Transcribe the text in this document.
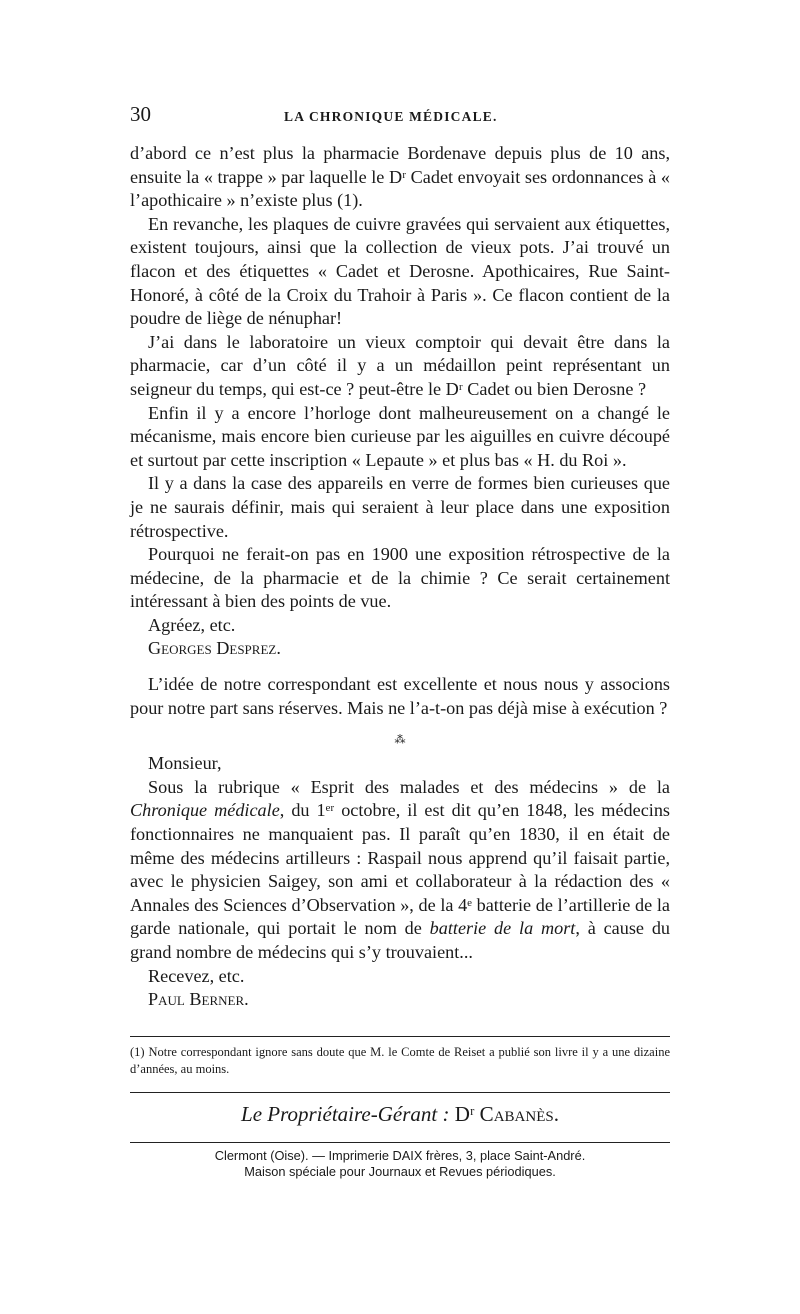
30	LA CHRONIQUE MÉDICALE.

d’abord ce n’est plus la pharmacie Bordenave depuis plus de 10 ans, ensuite la « trappe » par laquelle le Dʳ Cadet envoyait ses ordonnances à « l’apothicaire » n’existe plus (1).

En revanche, les plaques de cuivre gravées qui servaient aux étiquettes, existent toujours, ainsi que la collection de vieux pots. J’ai trouvé un flacon et des étiquettes « Cadet et Derosne. Apothicaires, Rue Saint-Honoré, à côté de la Croix du Trahoir à Paris ». Ce flacon contient de la poudre de liège de nénuphar!

J’ai dans le laboratoire un vieux comptoir qui devait être dans la pharmacie, car d’un côté il y a un médaillon peint représentant un seigneur du temps, qui est-ce ? peut-être le Dʳ Cadet ou bien Derosne ?

Enfin il y a encore l’horloge dont malheureusement on a changé le mécanisme, mais encore bien curieuse par les aiguilles en cuivre découpé et surtout par cette inscription « Lepaute » et plus bas « H. du Roi ».

Il y a dans la case des appareils en verre de formes bien curieuses que je ne saurais définir, mais qui seraient à leur place dans une exposition rétrospective.

Pourquoi ne ferait-on pas en 1900 une exposition rétrospective de la médecine, de la pharmacie et de la chimie ? Ce serait certainement intéressant à bien des points de vue.

Agréez, etc.

Georges Desprez.

L’idée de notre correspondant est excellente et nous nous y associons pour notre part sans réserves. Mais ne l’a-t-on pas déjà mise à exécution ?

⁂

Monsieur,

Sous la rubrique « Esprit des malades et des médecins » de la Chronique médicale, du 1ᵉʳ octobre, il est dit qu’en 1848, les médecins fonctionnaires ne manquaient pas. Il paraît qu’en 1830, il en était de même des médecins artilleurs : Raspail nous apprend qu’il faisait partie, avec le physicien Saigey, son ami et collaborateur à la rédaction des « Annales des Sciences d’Observation », de la 4ᵉ batterie de l’artillerie de la garde nationale, qui portait le nom de batterie de la mort, à cause du grand nombre de médecins qui s’y trouvaient...

Recevez, etc.

Paul Berner.

(1) Notre correspondant ignore sans doute que M. le Comte de Reiset a publié son livre il y a une dizaine d’années, au moins.
Le Propriétaire-Gérant : Dʳ Cabanès.
Clermont (Oise). — Imprimerie DAIX frères, 3, place Saint-André.
Maison spéciale pour Journaux et Revues périodiques.
